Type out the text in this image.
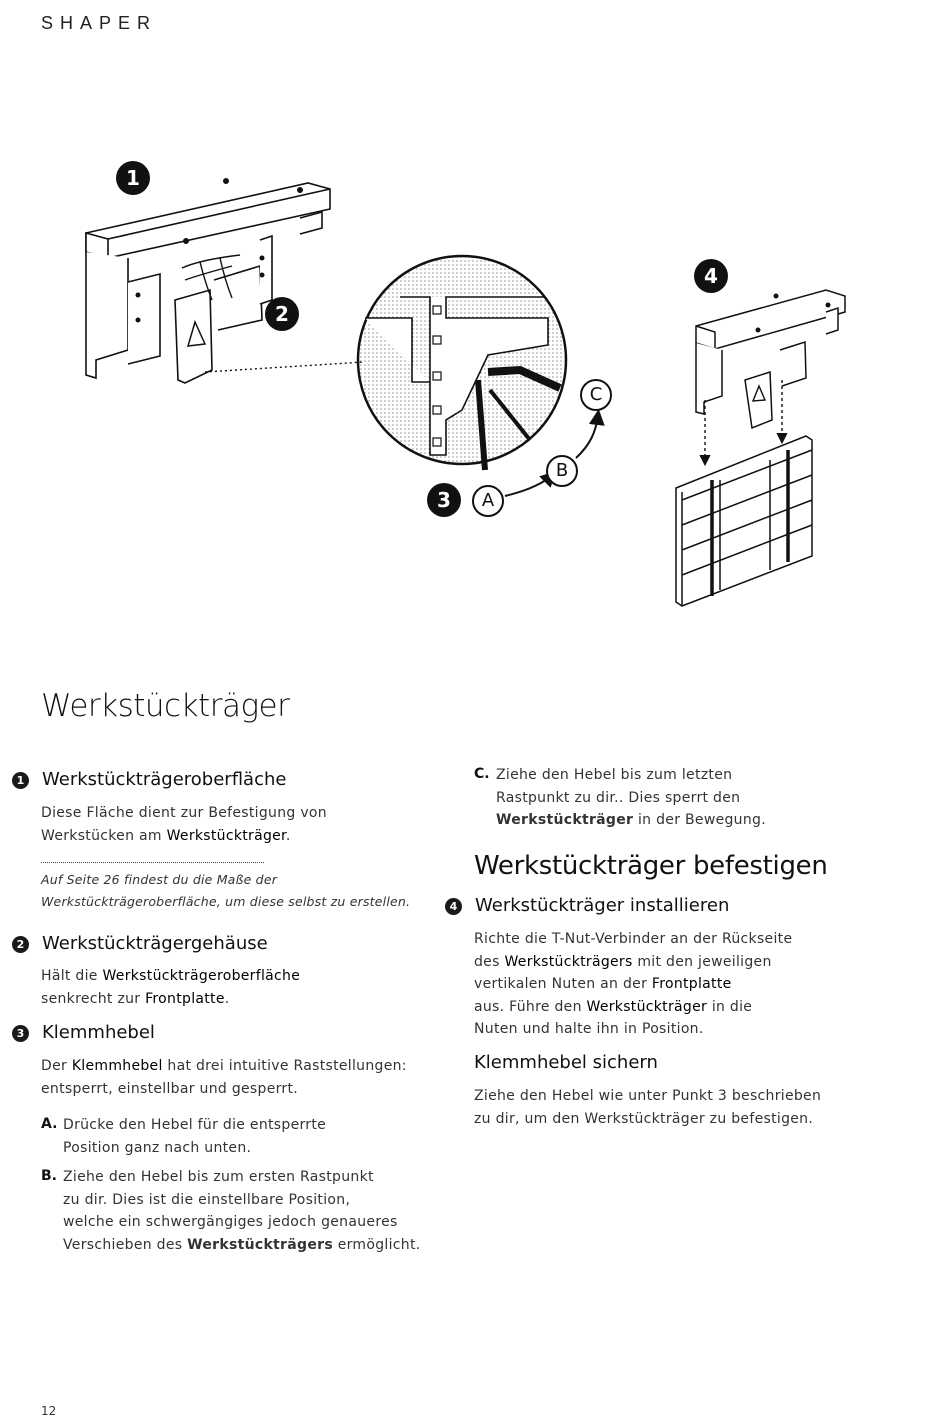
SHAPER
1
2
3
4
A
B
C
Werkstückträger
1 Werkstückträgeroberfläche
Diese Fläche dient zur Befestigung von
Werkstücken am Werkstückträger.
Auf Seite 26 findest du die Maße der
Werkstückträgeroberfläche, um diese selbst zu erstellen.
2 Werkstückträgergehäuse
Hält die Werkstückträgeroberfläche
senkrecht zur Frontplatte.
3 Klemmhebel
Der Klemmhebel hat drei intuitive Raststellungen:
entsperrt, einstellbar und gesperrt.
A. Drücke den Hebel für die entsperrte
Position ganz nach unten.
B. Ziehe den Hebel bis zum ersten Rastpunkt
zu dir. Dies ist die einstellbare Position,
welche ein schwergängiges jedoch genaueres
Verschieben des Werkstückträgers ermöglicht.
C. Ziehe den Hebel bis zum letzten
Rastpunkt zu dir.. Dies sperrt den
Werkstückträger in der Bewegung.
Werkstückträger befestigen
4 Werkstückträger installieren
Richte die T-Nut-Verbinder an der Rückseite
des Werkstückträgers mit den jeweiligen
vertikalen Nuten an der Frontplatte
aus. Führe den Werkstückträger in die
Nuten und halte ihn in Position.
Klemmhebel sichern
Ziehe den Hebel wie unter Punkt 3 beschrieben
zu dir, um den Werkstückträger zu befestigen.
12
